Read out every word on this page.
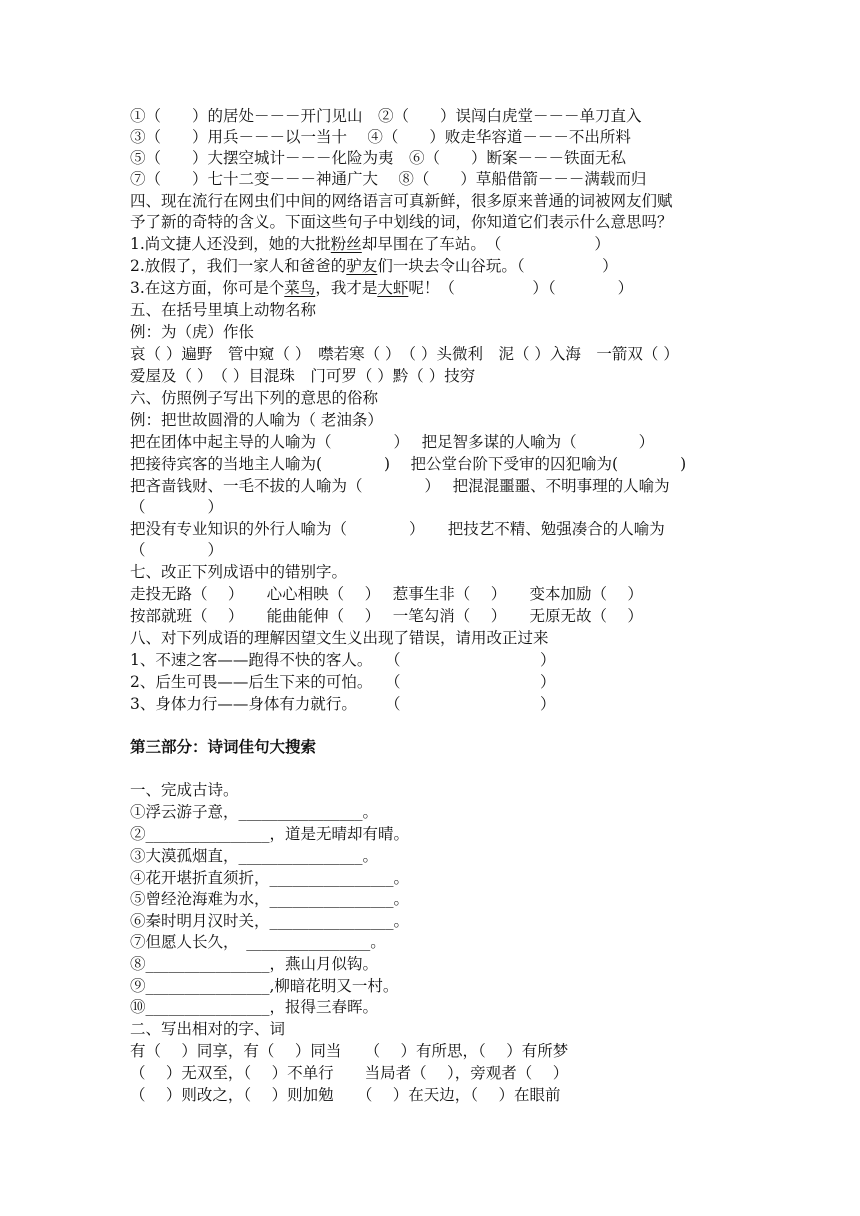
①（　　）的居处－－－开门见山　②（　　）误闯白虎堂－－－单刀直入
③（　　）用兵－－－以一当十　 ④（　　）败走华容道－－－不出所料
⑤（　　）大摆空城计－－－化险为夷　⑥（　　）断案－－－铁面无私
⑦（　　）七十二变－－－神通广大　 ⑧（　　）草船借箭－－－满载而归
四、现在流行在网虫们中间的网络语言可真新鲜，很多原来普通的词被网友们赋
予了新的奇特的含义。下面这些句子中划线的词，你知道它们表示什么意思吗？
1.尚文捷人还没到，她的大批粉丝却早围在了车站。　（　　　　　　）
2.放假了，我们一家人和爸爸的驴友们一块去令山谷玩。（　　　　　）
3.在这方面，你可是个菜鸟，我才是大虾呢！（　　　　　）（　　　　）
五、在括号里填上动物名称
例：为（虎）作伥
哀（ ）遍野　管中窥（ ）　噤若寒（ ）　（ ）头微利　泥（ ）入海　一箭双（ ）
爱屋及（ ）　（ ）目混珠　门可罗（ ）黔（ ）技穷
六、仿照例子写出下列的意思的俗称
例：把世故圆滑的人喻为（ 老油条）
把在团体中起主导的人喻为（　　　　）　 把足智多谋的人喻为（　　　　）
把接待宾客的当地主人喻为(　　　　)　 把公堂台阶下受审的囚犯喻为(　　　　)
把吝啬钱财、一毛不拔的人喻为（　　　　）　 把混混噩噩、不明事理的人喻为
（　　　　）
把没有专业知识的外行人喻为（　　　　）　　把技艺不精、勉强凑合的人喻为
（　　　　）
七、改正下列成语中的错别字。
走投无路（　 ）　　心心相映（　 ）　 惹事生非（　 ）　　变本加励（　 ）
按部就班（　 ）　　能曲能伸（　 ）　 一笔勾消（　 ）　　无原无故（　 ）
八、对下列成语的理解因望文生义出现了错误，请用改正过来
1、不速之客——跑得不快的客人。　 （　　　　　　　　　）
2、后生可畏——后生下来的可怕。　 （　　　　　　　　　）
3、身体力行——身体有力就行。　　 （　　　　　　　　　）
第三部分：诗词佳句大搜索
一、完成古诗。
①浮云游子意，________________。
②________________，道是无晴却有晴。
③大漠孤烟直，________________。
④花开堪折直须折，________________。
⑤曾经沧海难为水，________________。
⑥秦时明月汉时关，________________。
⑦但愿人长久，　________________。
⑧________________，燕山月似钩。
⑨________________,柳暗花明又一村。
⑩________________，报得三春晖。
二、写出相对的字、词
有（　 ）同享，有（　 ）同当　　（　 ）有所思，（　 ）有所梦
（　 ）无双至，（　 ）不单行　　当局者（　 ），旁观者（　 ）
（　 ）则改之，（　 ）则加勉　　（　 ）在天边，（　 ）在眼前
